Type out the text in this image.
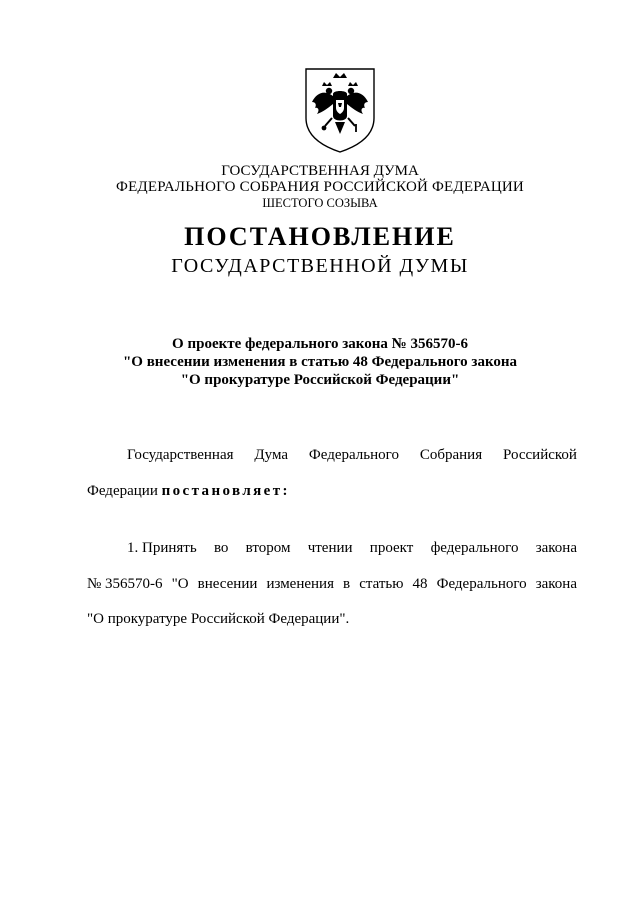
ГОСУДАРСТВЕННАЯ ДУМА
ФЕДЕРАЛЬНОГО СОБРАНИЯ РОССИЙСКОЙ ФЕДЕРАЦИИ
ШЕСТОГО СОЗЫВА
ПОСТАНОВЛЕНИЕ
ГОСУДАРСТВЕННОЙ ДУМЫ
О проекте федерального закона № 356570-6
"О внесении изменения в статью 48 Федерального закона
"О прокуратуре Российской Федерации"
Государственная Дума Федерального Собрания Российской
Федерации постановляет:
1. Принять во втором чтении проект федерального закона
№ 356570-6 "О внесении изменения в статью 48 Федерального закона
"О прокуратуре Российской Федерации".
